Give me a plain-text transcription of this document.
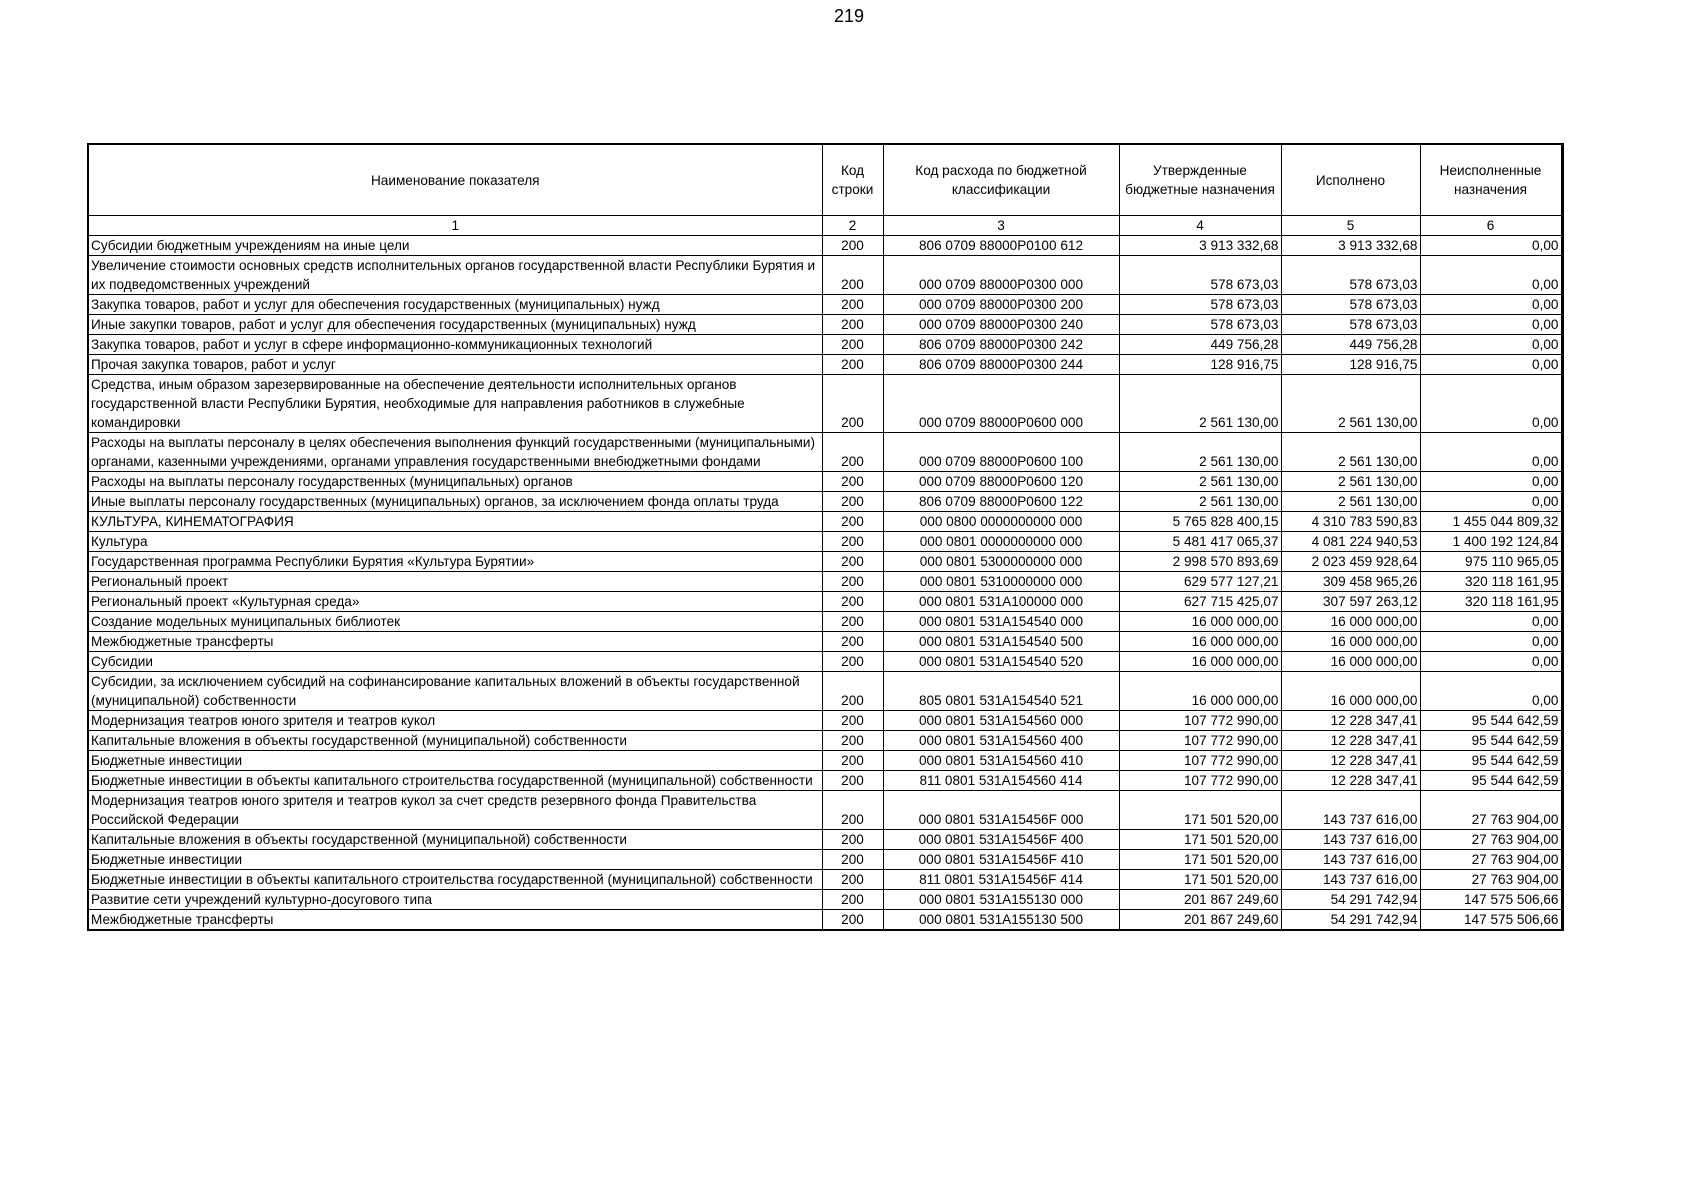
219
Наименование показателя	Код строки	Код расхода по бюджетной классификации	Утвержденные бюджетные назначения	Исполнено	Неисполненные назначения
1	2	3	4	5	6
Субсидии бюджетным учреждениям на иные цели	200	806 0709 88000Р0100 612	3 913 332,68	3 913 332,68	0,00
Увеличение стоимости основных средств исполнительных органов государственной власти Республики Бурятия и их подведомственных учреждений	200	000 0709 88000Р0300 000	578 673,03	578 673,03	0,00
Закупка товаров, работ и услуг для обеспечения государственных (муниципальных) нужд	200	000 0709 88000Р0300 200	578 673,03	578 673,03	0,00
Иные закупки товаров, работ и услуг для обеспечения государственных (муниципальных) нужд	200	000 0709 88000Р0300 240	578 673,03	578 673,03	0,00
Закупка товаров, работ и услуг в сфере информационно-коммуникационных технологий	200	806 0709 88000Р0300 242	449 756,28	449 756,28	0,00
Прочая закупка товаров, работ и услуг	200	806 0709 88000Р0300 244	128 916,75	128 916,75	0,00
Средства, иным образом зарезервированные на обеспечение деятельности исполнительных органов государственной власти Республики Бурятия, необходимые для направления работников в служебные командировки	200	000 0709 88000Р0600 000	2 561 130,00	2 561 130,00	0,00
Расходы на выплаты персоналу в целях обеспечения выполнения функций государственными (муниципальными) органами, казенными учреждениями, органами управления государственными внебюджетными фондами	200	000 0709 88000Р0600 100	2 561 130,00	2 561 130,00	0,00
Расходы на выплаты персоналу государственных (муниципальных) органов	200	000 0709 88000Р0600 120	2 561 130,00	2 561 130,00	0,00
Иные выплаты персоналу государственных (муниципальных) органов, за исключением фонда оплаты труда	200	806 0709 88000Р0600 122	2 561 130,00	2 561 130,00	0,00
КУЛЬТУРА, КИНЕМАТОГРАФИЯ	200	000 0800 0000000000 000	5 765 828 400,15	4 310 783 590,83	1 455 044 809,32
Культура	200	000 0801 0000000000 000	5 481 417 065,37	4 081 224 940,53	1 400 192 124,84
Государственная программа Республики Бурятия «Культура Бурятии»	200	000 0801 5300000000 000	2 998 570 893,69	2 023 459 928,64	975 110 965,05
Региональный проект	200	000 0801 5310000000 000	629 577 127,21	309 458 965,26	320 118 161,95
Региональный проект «Культурная среда»	200	000 0801 531А100000 000	627 715 425,07	307 597 263,12	320 118 161,95
Создание модельных муниципальных библиотек	200	000 0801 531А154540 000	16 000 000,00	16 000 000,00	0,00
Межбюджетные трансферты	200	000 0801 531А154540 500	16 000 000,00	16 000 000,00	0,00
Субсидии	200	000 0801 531А154540 520	16 000 000,00	16 000 000,00	0,00
Субсидии, за исключением субсидий на софинансирование капитальных вложений в объекты государственной (муниципальной) собственности	200	805 0801 531А154540 521	16 000 000,00	16 000 000,00	0,00
Модернизация театров юного зрителя и театров кукол	200	000 0801 531А154560 000	107 772 990,00	12 228 347,41	95 544 642,59
Капитальные вложения в объекты государственной (муниципальной) собственности	200	000 0801 531А154560 400	107 772 990,00	12 228 347,41	95 544 642,59
Бюджетные инвестиции	200	000 0801 531А154560 410	107 772 990,00	12 228 347,41	95 544 642,59
Бюджетные инвестиции в объекты капитального строительства государственной (муниципальной) собственности	200	811 0801 531А154560 414	107 772 990,00	12 228 347,41	95 544 642,59
Модернизация театров юного зрителя и театров кукол за счет средств резервного фонда Правительства Российской Федерации	200	000 0801 531А15456F 000	171 501 520,00	143 737 616,00	27 763 904,00
Капитальные вложения в объекты государственной (муниципальной) собственности	200	000 0801 531А15456F 400	171 501 520,00	143 737 616,00	27 763 904,00
Бюджетные инвестиции	200	000 0801 531А15456F 410	171 501 520,00	143 737 616,00	27 763 904,00
Бюджетные инвестиции в объекты капитального строительства государственной (муниципальной) собственности	200	811 0801 531А15456F 414	171 501 520,00	143 737 616,00	27 763 904,00
Развитие сети учреждений культурно-досугового типа	200	000 0801 531А155130 000	201 867 249,60	54 291 742,94	147 575 506,66
Межбюджетные трансферты	200	000 0801 531А155130 500	201 867 249,60	54 291 742,94	147 575 506,66
